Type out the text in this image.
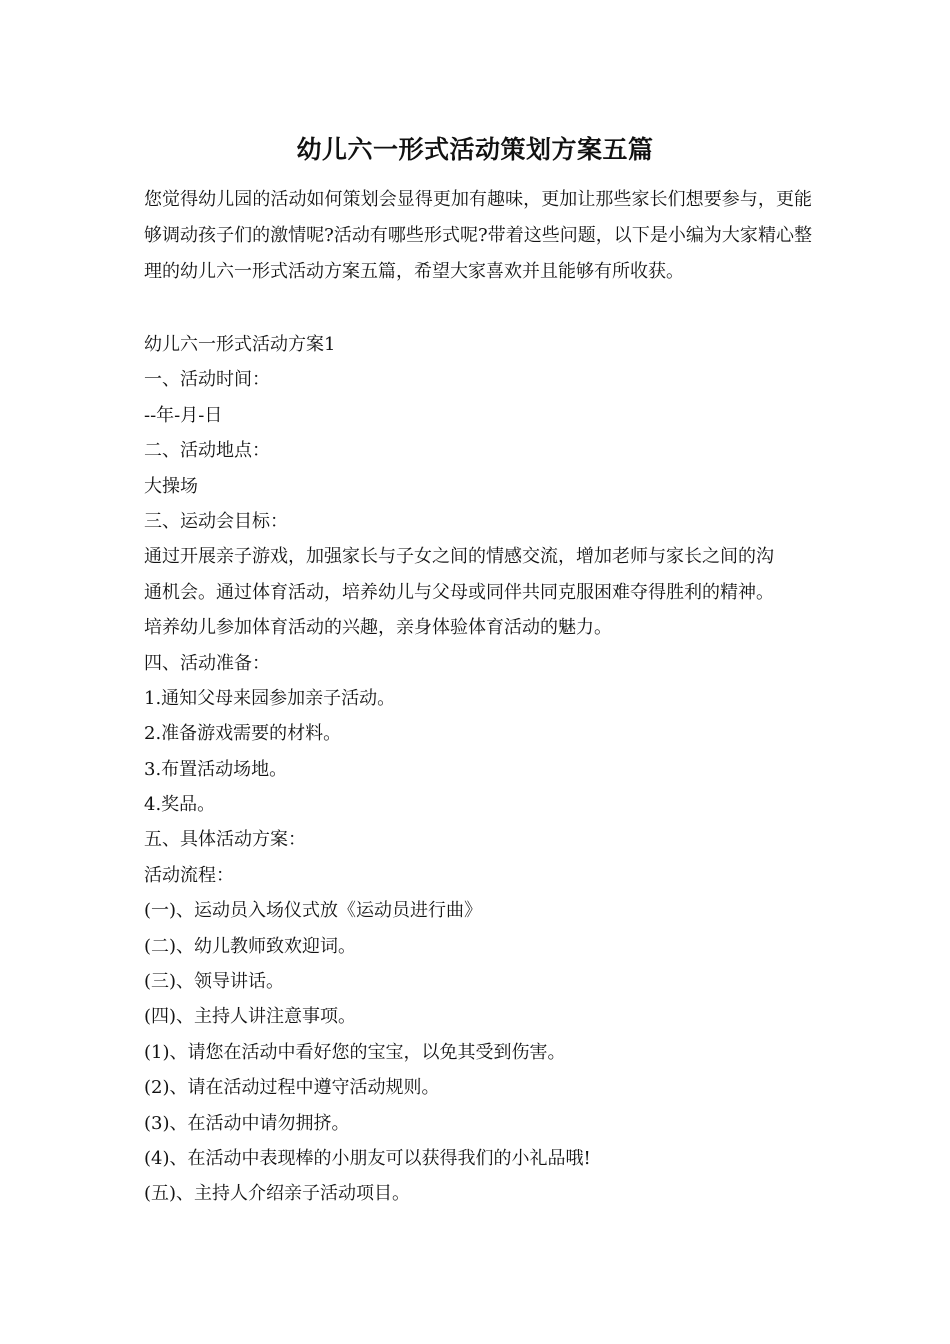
幼儿六一形式活动策划方案五篇

您觉得幼儿园的活动如何策划会显得更加有趣味，更加让那些家长们想要参与，更能够调动孩子们的激情呢?活动有哪些形式呢?带着这些问题，以下是小编为大家精心整理的幼儿六一形式活动方案五篇，希望大家喜欢并且能够有所收获。

幼儿六一形式活动方案1
一、活动时间：
--年-月-日
二、活动地点：
大操场
三、运动会目标：
通过开展亲子游戏，加强家长与子女之间的情感交流，增加老师与家长之间的沟
通机会。通过体育活动，培养幼儿与父母或同伴共同克服困难夺得胜利的精神。
培养幼儿参加体育活动的兴趣，亲身体验体育活动的魅力。
四、活动准备：
1.通知父母来园参加亲子活动。
2.准备游戏需要的材料。
3.布置活动场地。
4.奖品。
五、具体活动方案：
活动流程：
(一)、运动员入场仪式放《运动员进行曲》
(二)、幼儿教师致欢迎词。
(三)、领导讲话。
(四)、主持人讲注意事项。
(1)、请您在活动中看好您的宝宝，以免其受到伤害。
(2)、请在活动过程中遵守活动规则。
(3)、在活动中请勿拥挤。
(4)、在活动中表现棒的小朋友可以获得我们的小礼品哦!
(五)、主持人介绍亲子活动项目。
